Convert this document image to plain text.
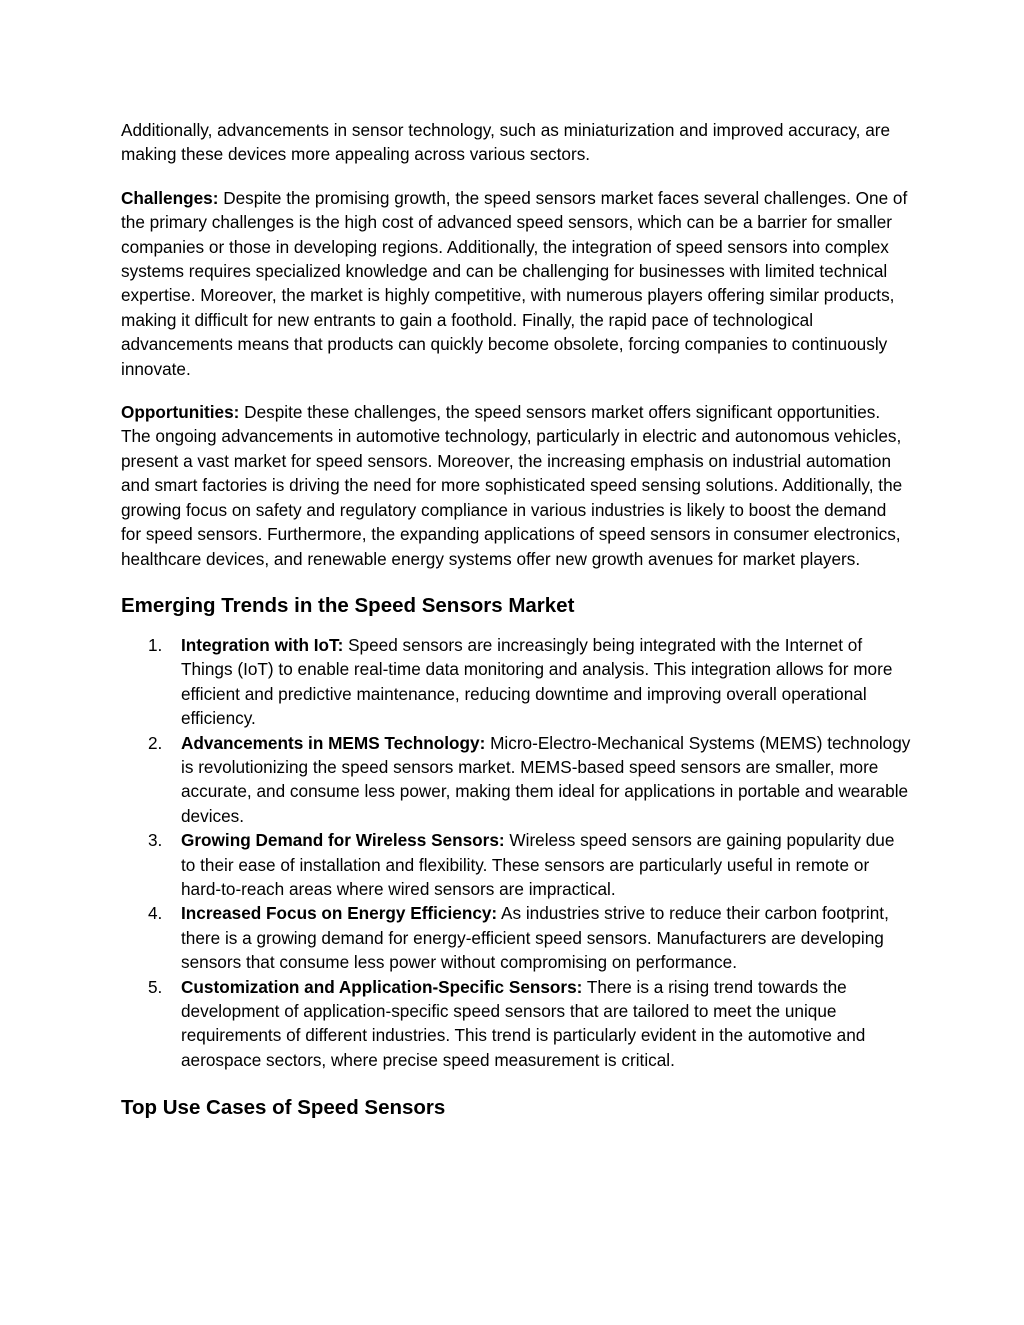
Additionally, advancements in sensor technology, such as miniaturization and improved accuracy, are making these devices more appealing across various sectors.

Challenges: Despite the promising growth, the speed sensors market faces several challenges. One of the primary challenges is the high cost of advanced speed sensors, which can be a barrier for smaller companies or those in developing regions. Additionally, the integration of speed sensors into complex systems requires specialized knowledge and can be challenging for businesses with limited technical expertise. Moreover, the market is highly competitive, with numerous players offering similar products, making it difficult for new entrants to gain a foothold. Finally, the rapid pace of technological advancements means that products can quickly become obsolete, forcing companies to continuously innovate.

Opportunities: Despite these challenges, the speed sensors market offers significant opportunities. The ongoing advancements in automotive technology, particularly in electric and autonomous vehicles, present a vast market for speed sensors. Moreover, the increasing emphasis on industrial automation and smart factories is driving the need for more sophisticated speed sensing solutions. Additionally, the growing focus on safety and regulatory compliance in various industries is likely to boost the demand for speed sensors. Furthermore, the expanding applications of speed sensors in consumer electronics, healthcare devices, and renewable energy systems offer new growth avenues for market players.

Emerging Trends in the Speed Sensors Market
1. Integration with IoT: Speed sensors are increasingly being integrated with the Internet of Things (IoT) to enable real-time data monitoring and analysis. This integration allows for more efficient and predictive maintenance, reducing downtime and improving overall operational efficiency.
2. Advancements in MEMS Technology: Micro-Electro-Mechanical Systems (MEMS) technology is revolutionizing the speed sensors market. MEMS-based speed sensors are smaller, more accurate, and consume less power, making them ideal for applications in portable and wearable devices.
3. Growing Demand for Wireless Sensors: Wireless speed sensors are gaining popularity due to their ease of installation and flexibility. These sensors are particularly useful in remote or hard-to-reach areas where wired sensors are impractical.
4. Increased Focus on Energy Efficiency: As industries strive to reduce their carbon footprint, there is a growing demand for energy-efficient speed sensors. Manufacturers are developing sensors that consume less power without compromising on performance.
5. Customization and Application-Specific Sensors: There is a rising trend towards the development of application-specific speed sensors that are tailored to meet the unique requirements of different industries. This trend is particularly evident in the automotive and aerospace sectors, where precise speed measurement is critical.
Top Use Cases of Speed Sensors
